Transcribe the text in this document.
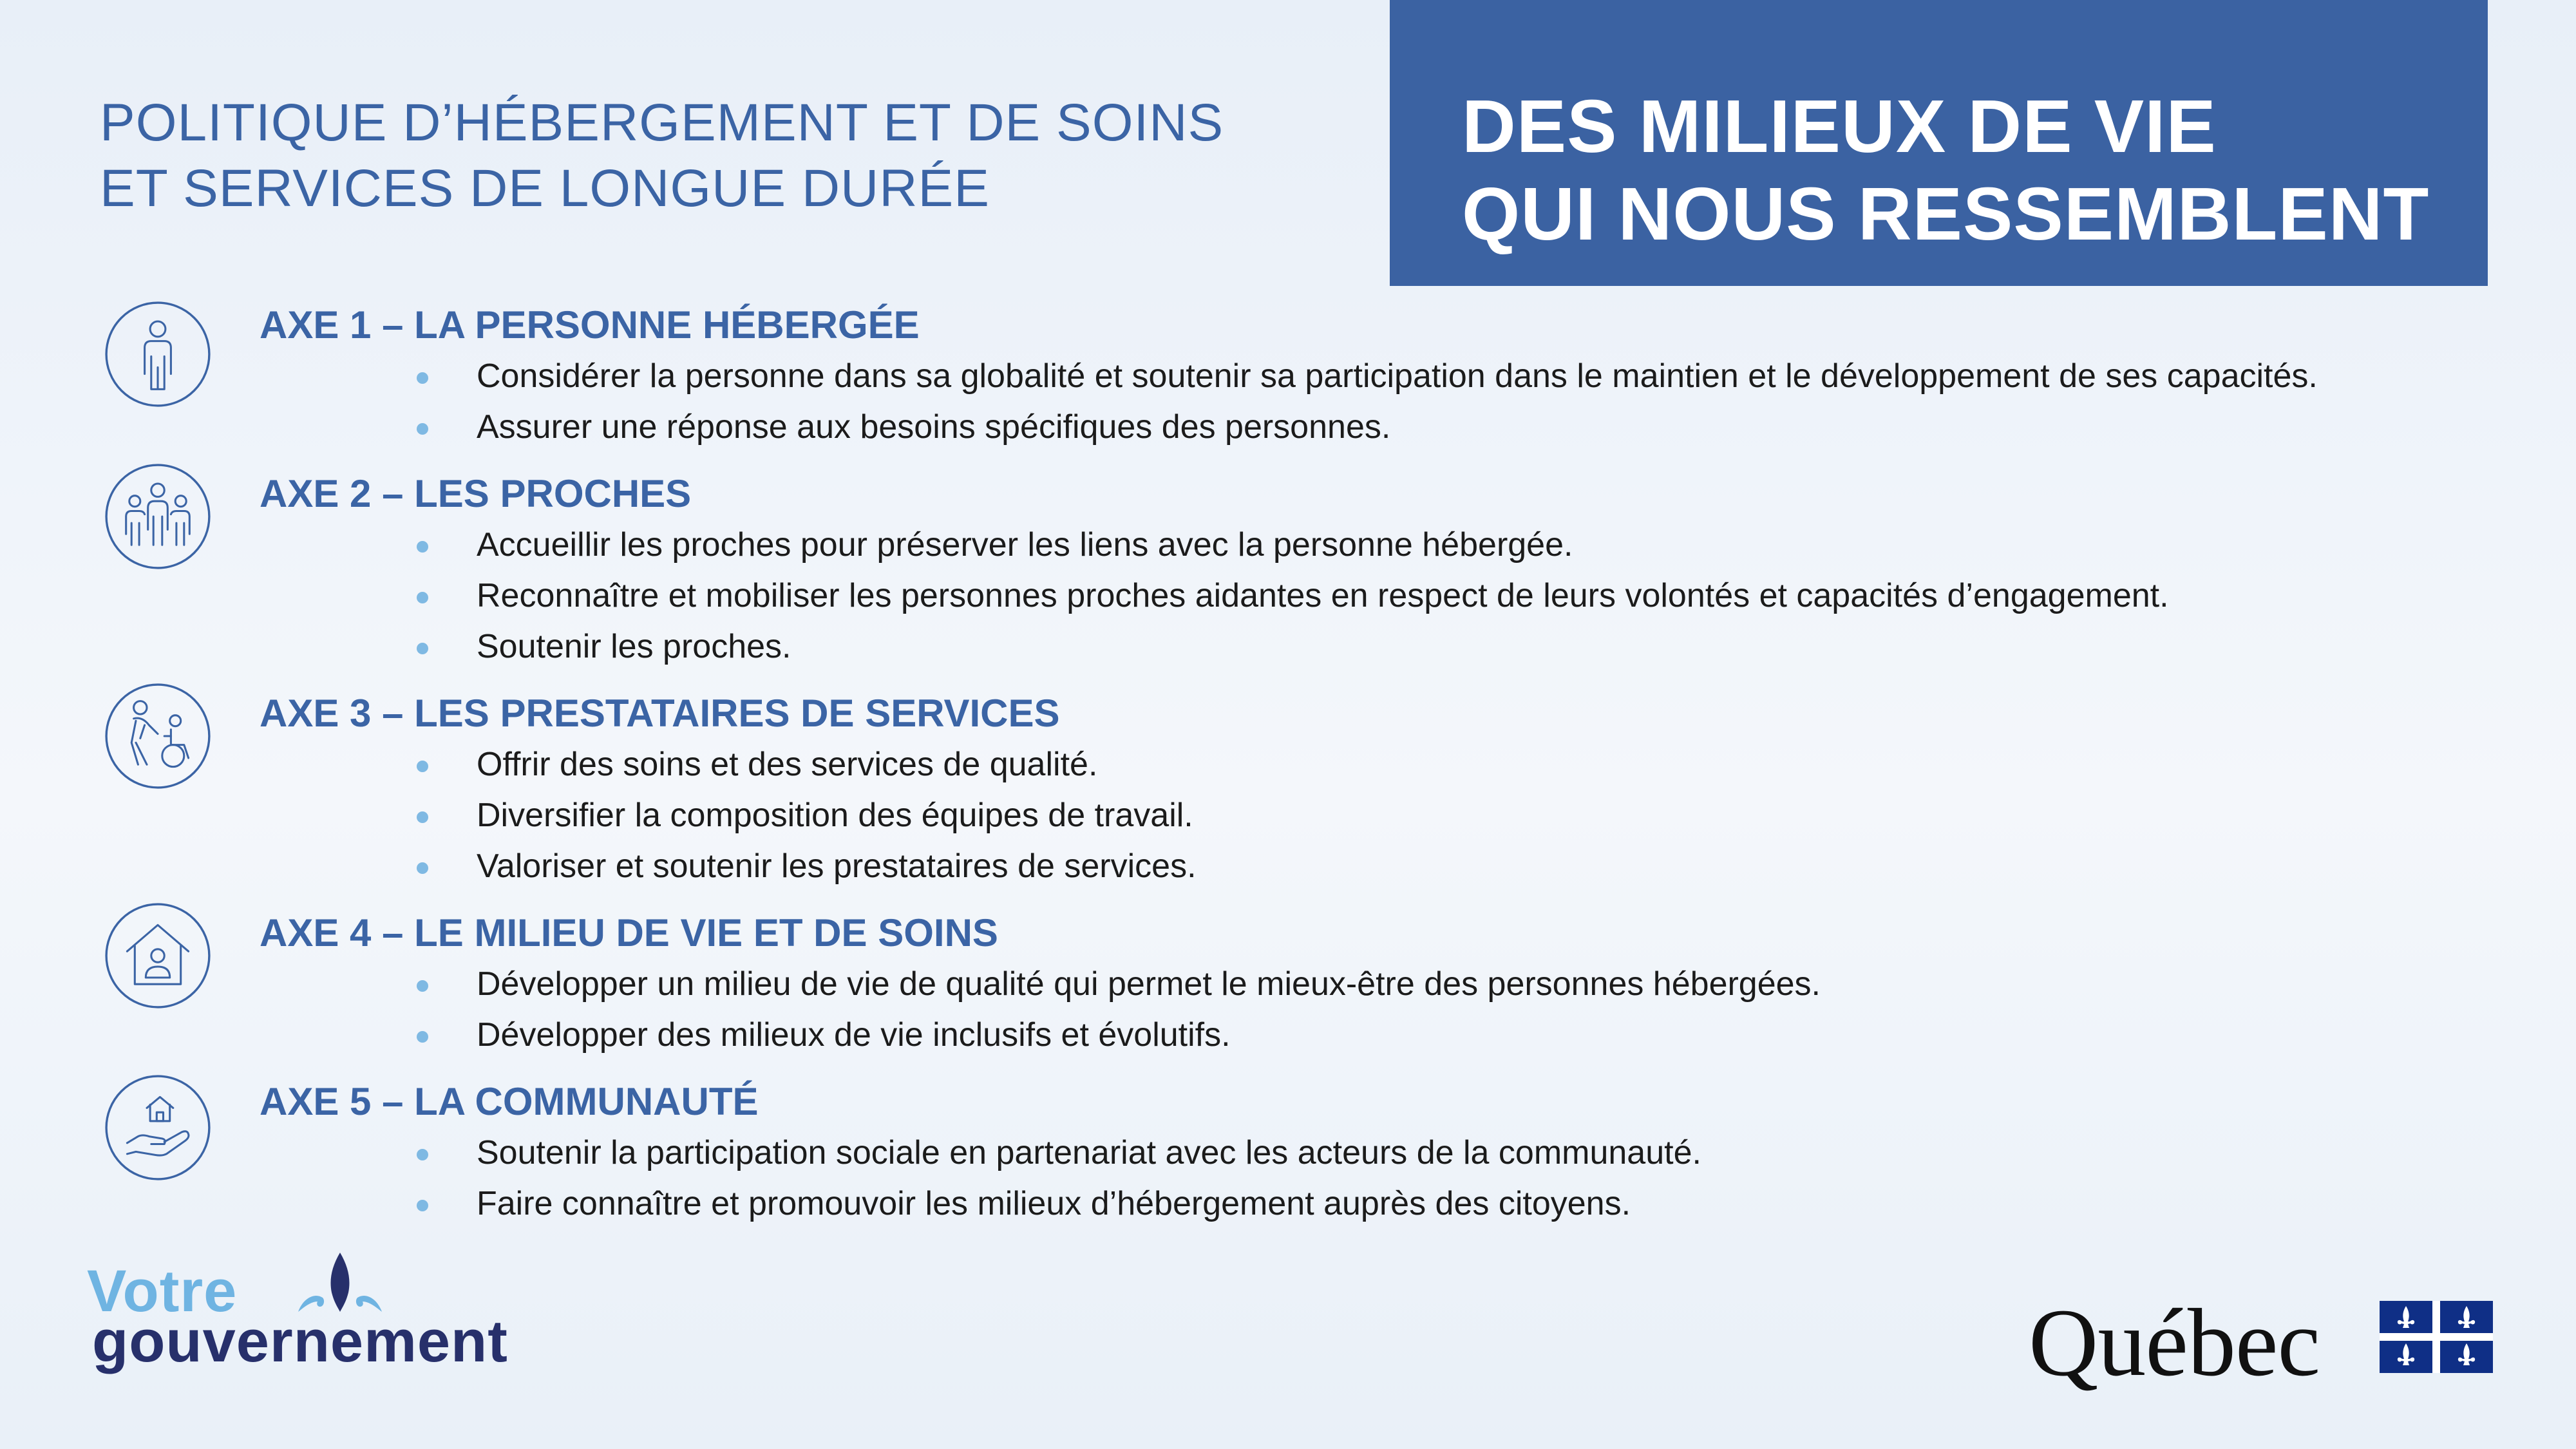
POLITIQUE D’HÉBERGEMENT ET DE SOINS
ET SERVICES DE LONGUE DURÉE
DES MILIEUX DE VIE
QUI NOUS RESSEMBLENT
AXE 1 – LA PERSONNE HÉBERGÉE
Considérer la personne dans sa globalité et soutenir sa participation dans le maintien et le développement de ses capacités.
Assurer une réponse aux besoins spécifiques des personnes.
AXE 2 – LES PROCHES
Accueillir les proches pour préserver les liens avec la personne hébergée.
Reconnaître et mobiliser les personnes proches aidantes en respect de leurs volontés et capacités d’engagement.
Soutenir les proches.
AXE 3 – LES PRESTATAIRES DE SERVICES
Offrir des soins et des services de qualité.
Diversifier la composition des équipes de travail.
Valoriser et soutenir les prestataires de services.
AXE 4 – LE MILIEU DE VIE ET DE SOINS
Développer un milieu de vie de qualité qui permet le mieux-être des personnes hébergées.
Développer des milieux de vie inclusifs et évolutifs.
AXE 5 – LA COMMUNAUTÉ
Soutenir la participation sociale en partenariat avec les acteurs de la communauté.
Faire connaître et promouvoir les milieux d’hébergement auprès des citoyens.
Votre
gouvernement	Québec
